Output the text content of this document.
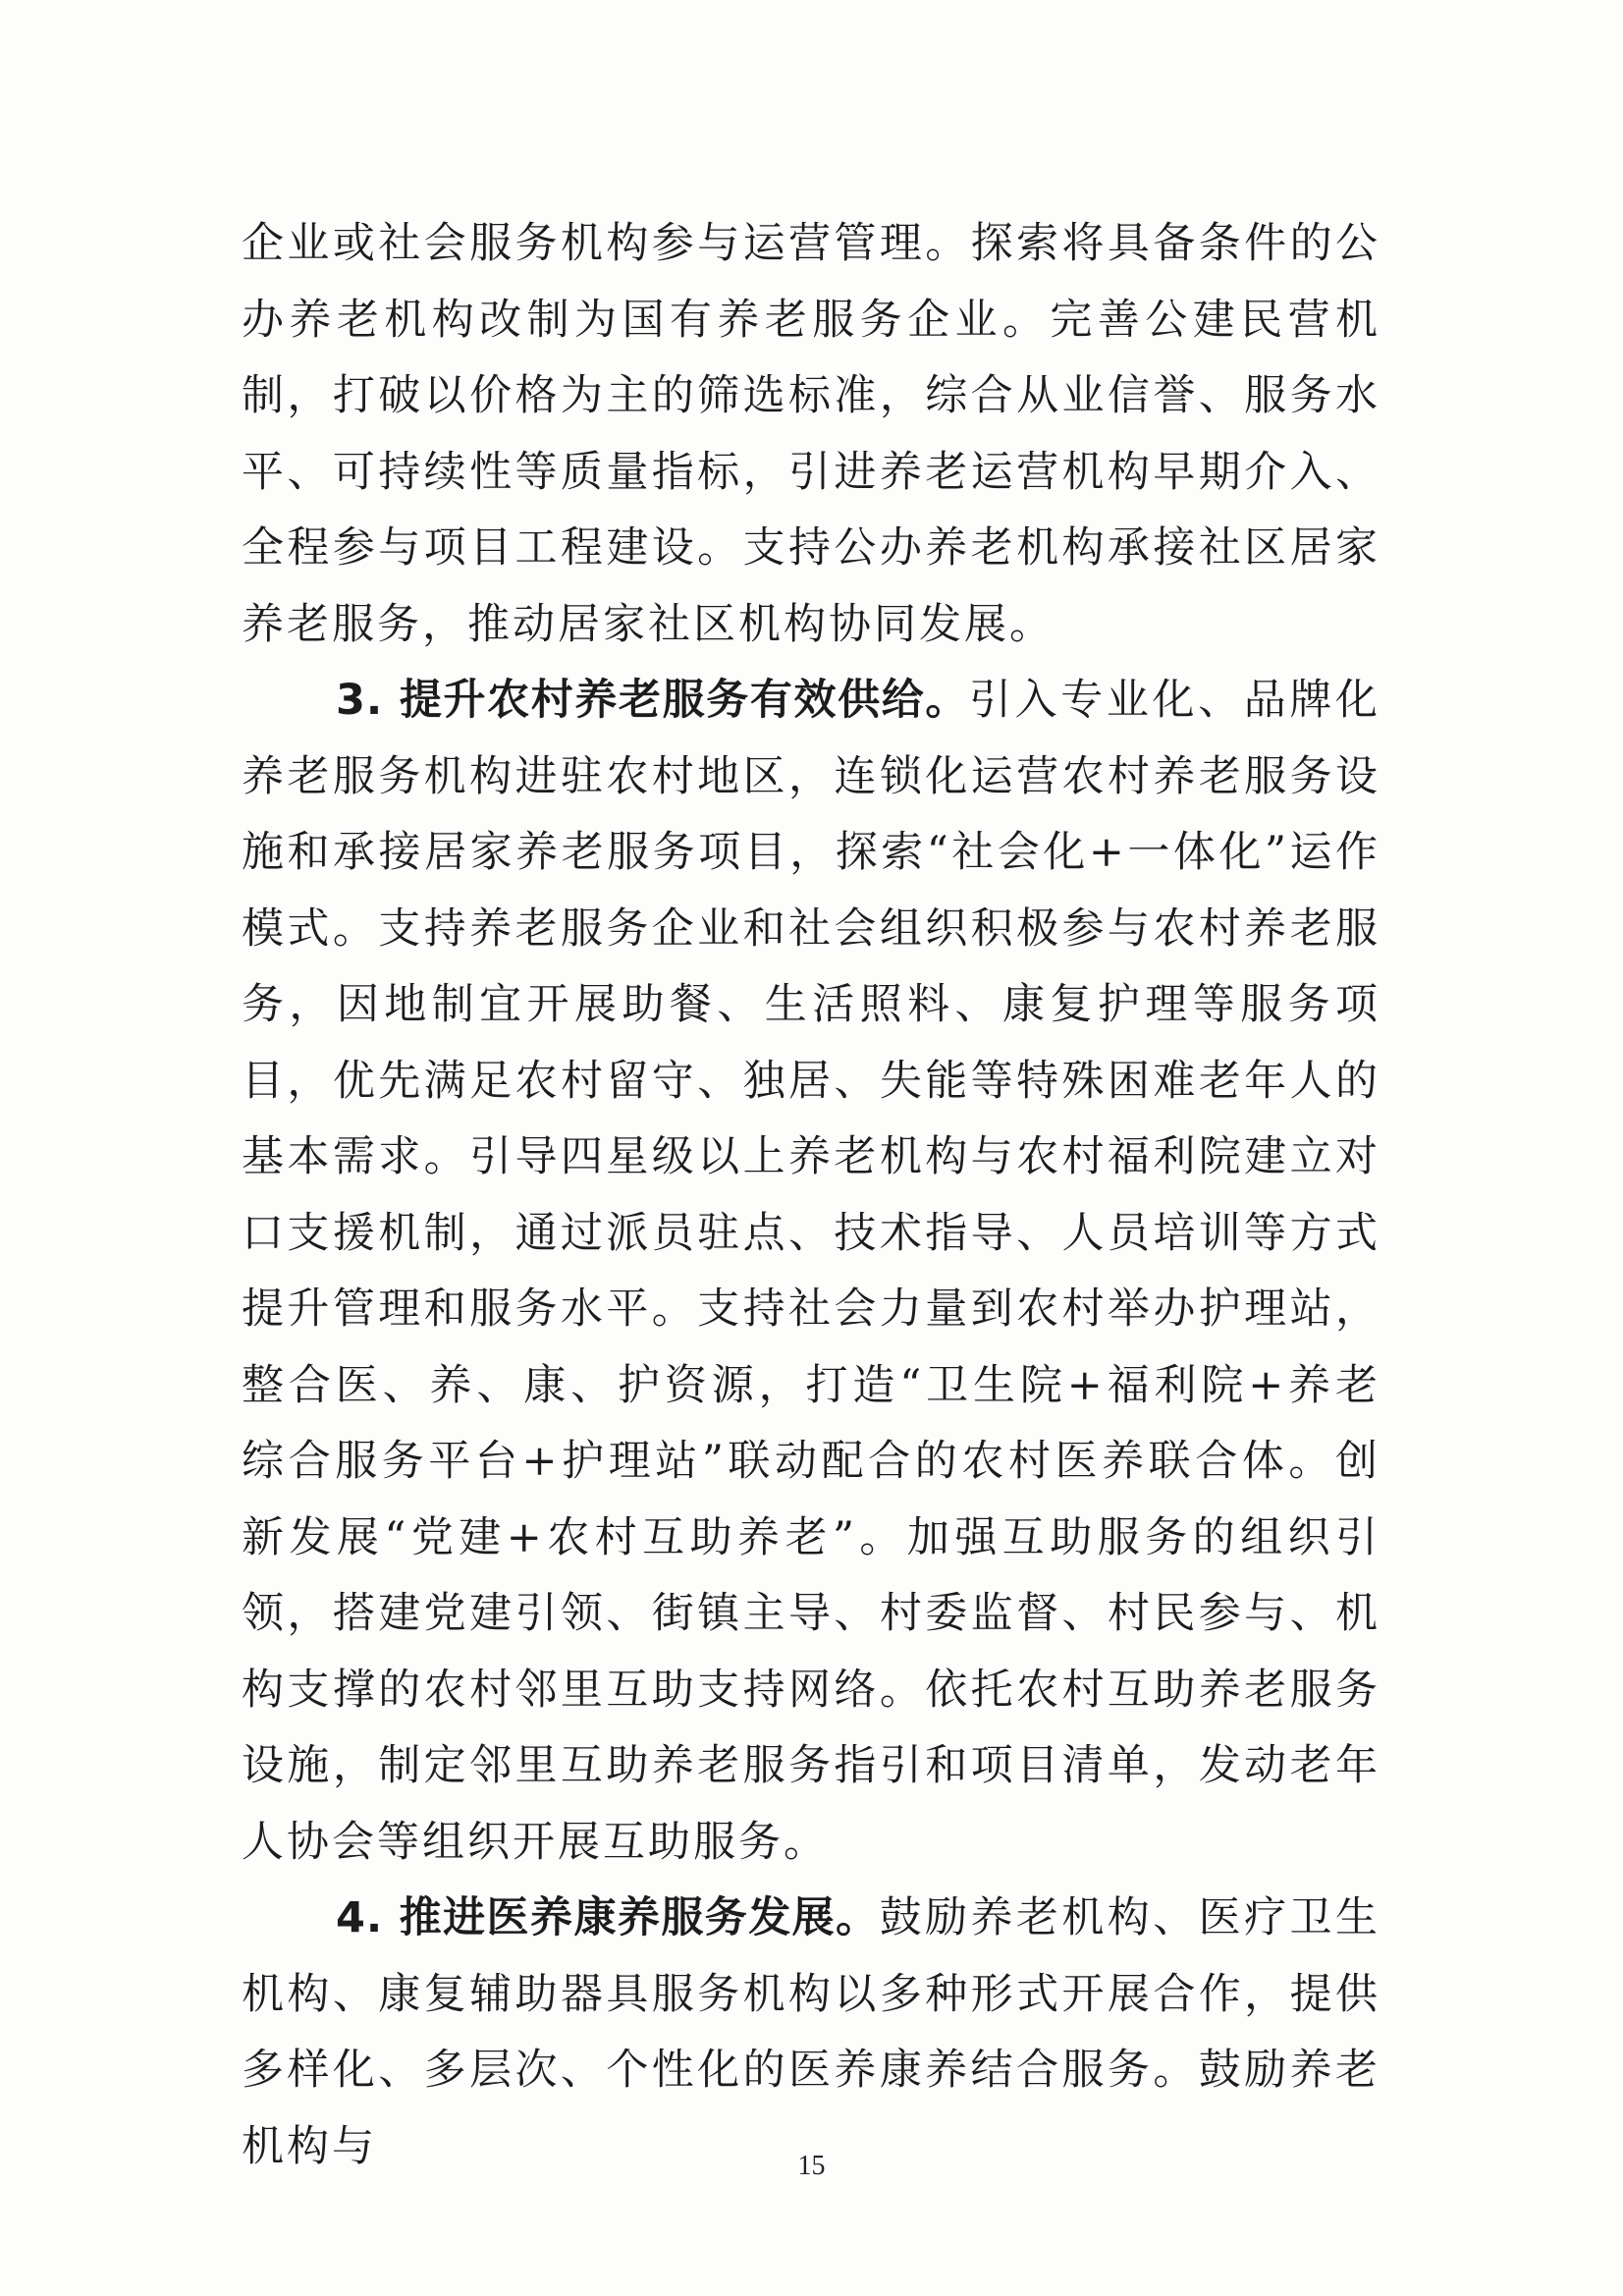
企业或社会服务机构参与运营管理。探索将具备条件的公办养老机构改制为国有养老服务企业。完善公建民营机制，打破以价格为主的筛选标准，综合从业信誉、服务水平、可持续性等质量指标，引进养老运营机构早期介入、全程参与项目工程建设。支持公办养老机构承接社区居家养老服务，推动居家社区机构协同发展。

3. 提升农村养老服务有效供给。引入专业化、品牌化养老服务机构进驻农村地区，连锁化运营农村养老服务设施和承接居家养老服务项目，探索“社会化+一体化”运作模式。支持养老服务企业和社会组织积极参与农村养老服务，因地制宜开展助餐、生活照料、康复护理等服务项目，优先满足农村留守、独居、失能等特殊困难老年人的基本需求。引导四星级以上养老机构与农村福利院建立对口支援机制，通过派员驻点、技术指导、人员培训等方式提升管理和服务水平。支持社会力量到农村举办护理站，整合医、养、康、护资源，打造“卫生院+福利院+养老综合服务平台+护理站”联动配合的农村医养联合体。创新发展“党建+农村互助养老”。加强互助服务的组织引领，搭建党建引领、街镇主导、村委监督、村民参与、机构支撑的农村邻里互助支持网络。依托农村互助养老服务设施，制定邻里互助养老服务指引和项目清单，发动老年人协会等组织开展互助服务。

4. 推进医养康养服务发展。鼓励养老机构、医疗卫生机构、康复辅助器具服务机构以多种形式开展合作，提供多样化、多层次、个性化的医养康养结合服务。鼓励养老机构与	15
